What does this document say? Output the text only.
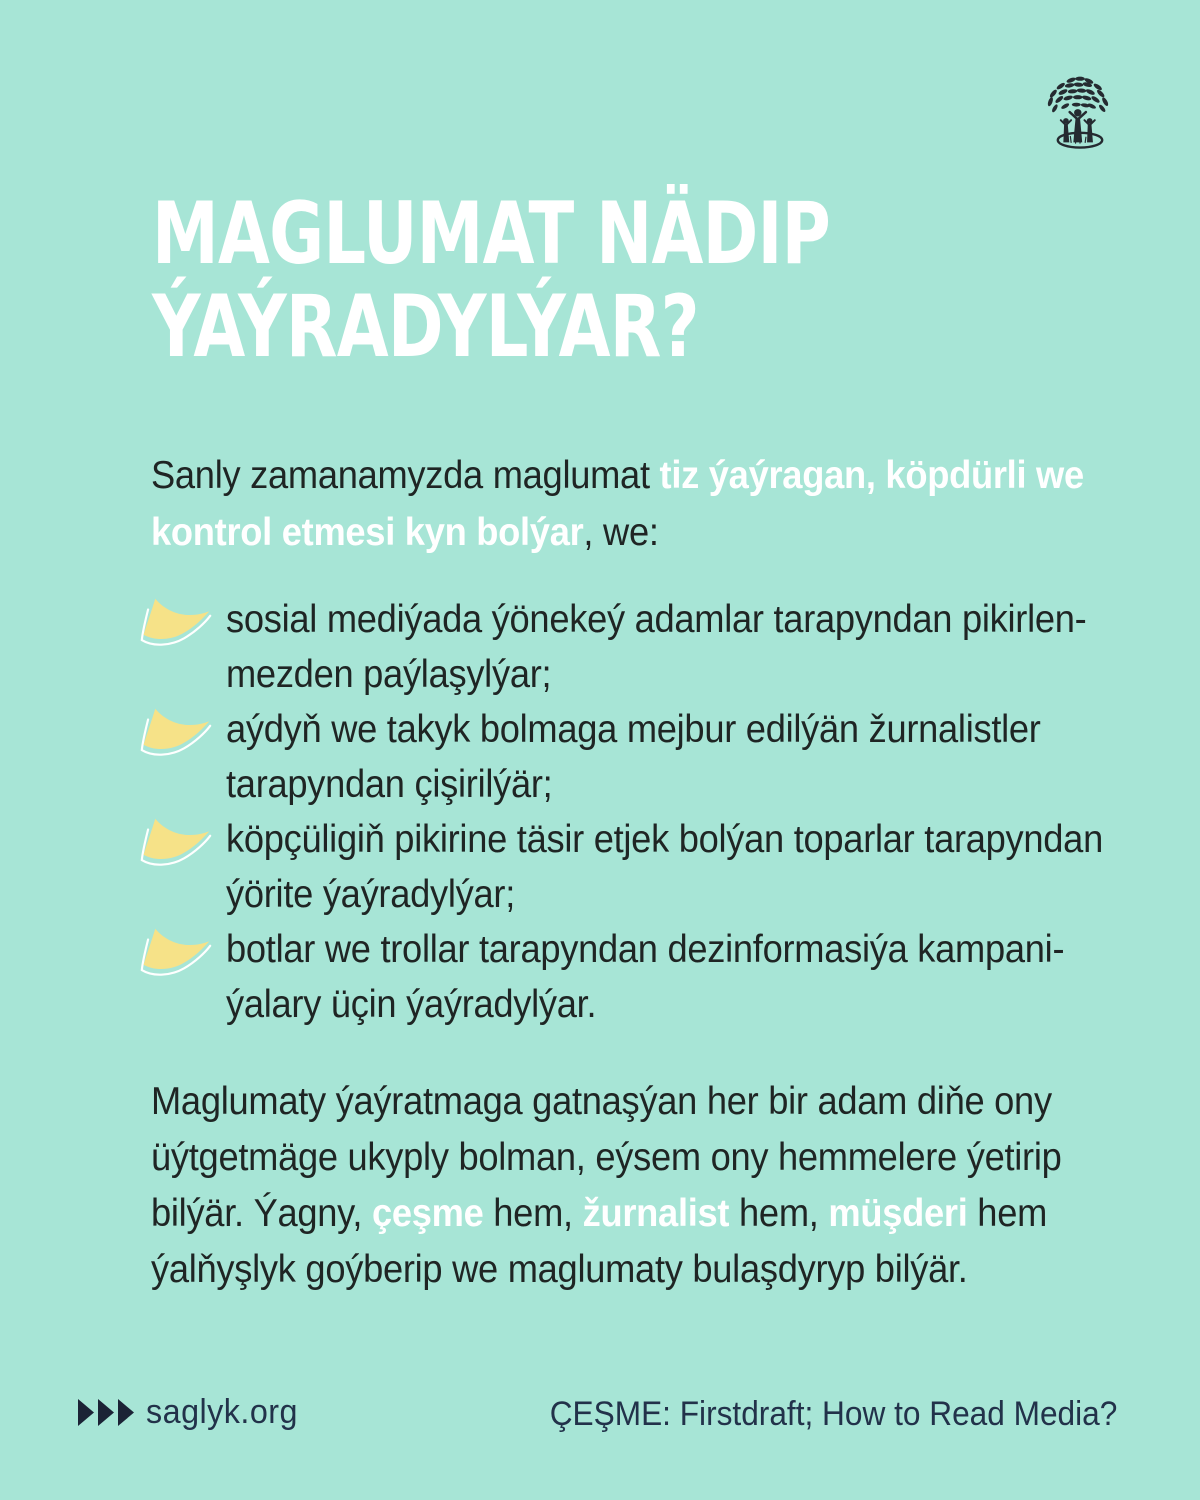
MAGLUMAT NÄDIP
ÝAÝRADYLÝAR?
Sanly zamanamyzda maglumat tiz ýaýragan, köpdürli we
kontrol etmesi kyn bolýar, we:
sosial mediýada ýönekeý adamlar tarapyndan pikirlen-
mezden paýlaşylýar;
aýdyň we takyk bolmaga mejbur edilýän žurnalistler
tarapyndan çişirilýär;
köpçüligiň pikirine täsir etjek bolýan toparlar tarapyndan
ýörite ýaýradylýar;
botlar we trollar tarapyndan dezinformasiýa kampani-
ýalary üçin ýaýradylýar.
Maglumaty ýaýratmaga gatnaşýan her bir adam diňe ony
üýtgetmäge ukyply bolman, eýsem ony hemmelere ýetirip
bilýär. Ýagny, çeşme hem, žurnalist hem, müşderi hem
ýalňyşlyk goýberip we maglumaty bulaşdyryp bilýär.
saglyk.org	ÇEŞME: Firstdraft; How to Read Media?
